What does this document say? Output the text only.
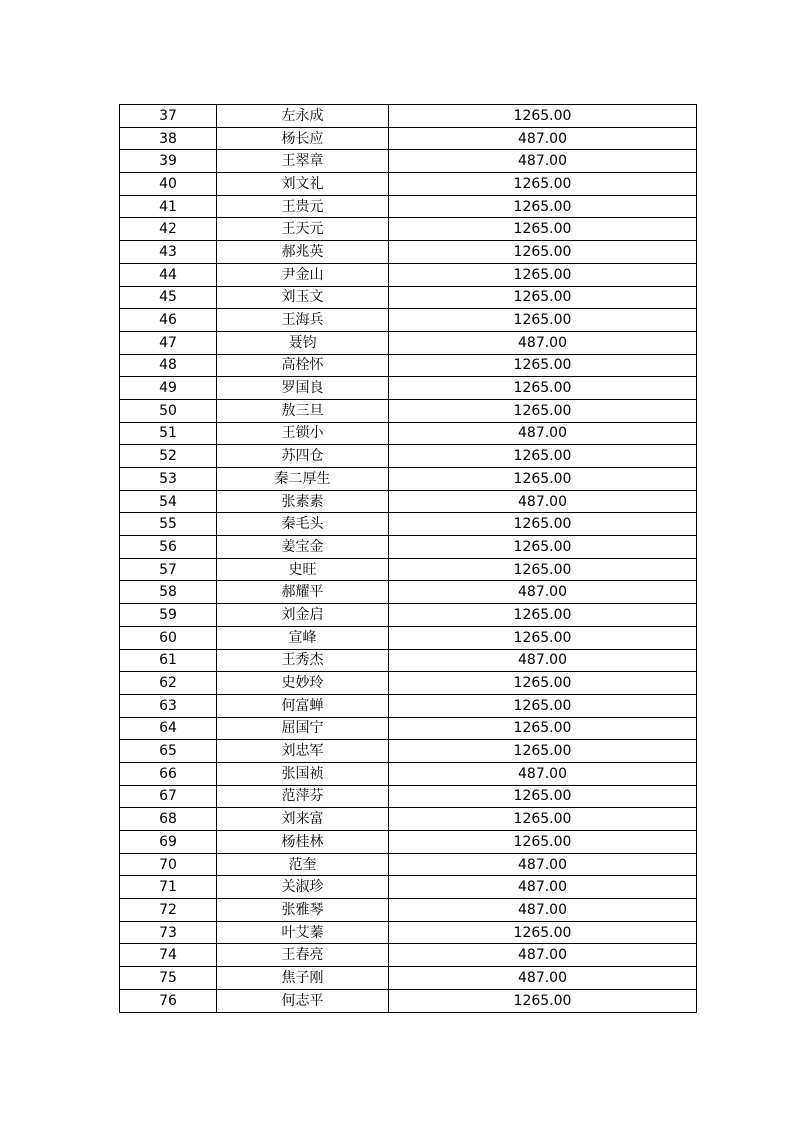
37	左永成	1265.00
38	杨长应	487.00
39	王翠章	487.00
40	刘文礼	1265.00
41	王贵元	1265.00
42	王天元	1265.00
43	郝兆英	1265.00
44	尹金山	1265.00
45	刘玉文	1265.00
46	王海兵	1265.00
47	聂钧	487.00
48	高栓怀	1265.00
49	罗国良	1265.00
50	敖三旦	1265.00
51	王锁小	487.00
52	苏四仓	1265.00
53	秦二厚生	1265.00
54	张素素	487.00
55	秦毛头	1265.00
56	姜宝金	1265.00
57	史旺	1265.00
58	郝耀平	487.00
59	刘金启	1265.00
60	宣峰	1265.00
61	王秀杰	487.00
62	史妙玲	1265.00
63	何富蝉	1265.00
64	屈国宁	1265.00
65	刘忠军	1265.00
66	张国祯	487.00
67	范萍芬	1265.00
68	刘来富	1265.00
69	杨桂林	1265.00
70	范奎	487.00
71	关淑珍	487.00
72	张雅琴	487.00
73	叶艾蓁	1265.00
74	王春亮	487.00
75	焦子刚	487.00
76	何志平	1265.00
